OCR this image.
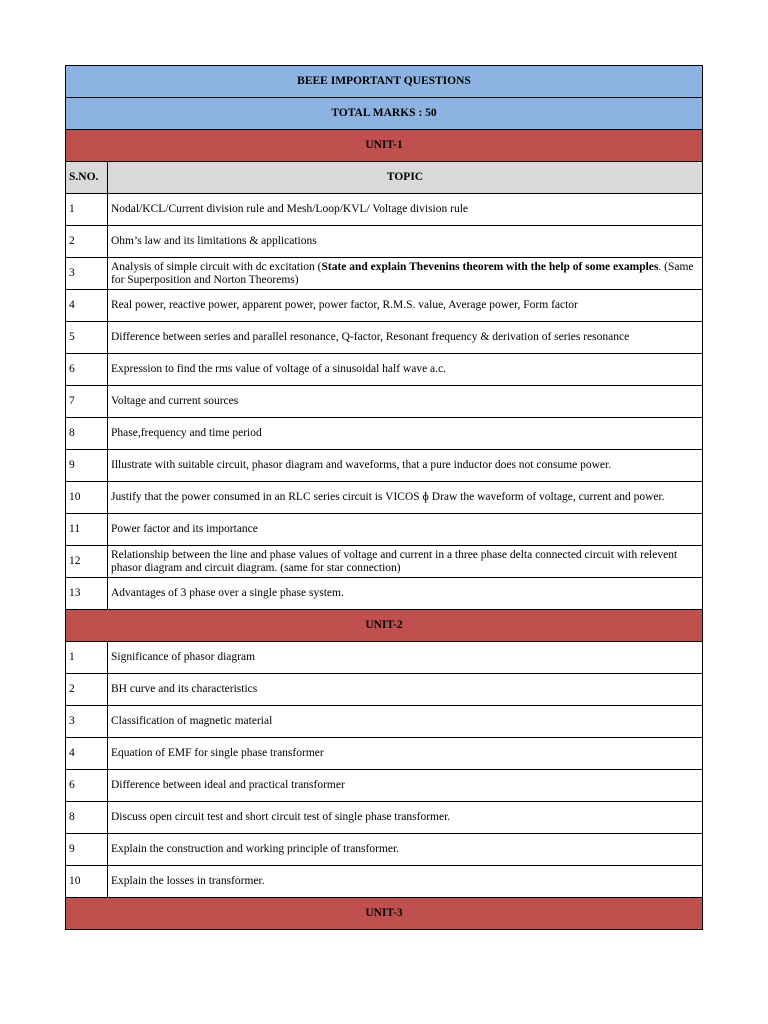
BEEE IMPORTANT QUESTIONS	
TOTAL MARKS : 50	
UNIT-1	
S.NO.	TOPIC
1	Nodal/KCL/Current division rule and Mesh/Loop/KVL/ Voltage division rule
2	Ohm’s law and its limitations & applications
3	Analysis of simple circuit with dc excitation (State and explain Thevenins theorem with the help of some examples. (Same for Superposition and Norton Theorems)
4	Real power, reactive power, apparent power, power factor, R.M.S. value, Average power, Form factor
5	Difference between series and parallel resonance, Q-factor, Resonant frequency & derivation of series resonance
6	Expression to find the rms value of voltage of a sinusoidal half wave a.c.
7	Voltage and current sources
8	Phase,frequency and time period
9	Illustrate with suitable circuit, phasor diagram and waveforms, that a pure inductor does not consume power.
10	Justify that the power consumed in an RLC series circuit is VICOS ɸ Draw the waveform of voltage, current and power.
11	Power factor and its importance
12	Relationship between the line and phase values of voltage and current in a three phase delta connected circuit with relevent phasor diagram and circuit diagram. (same for star connection)
13	Advantages of 3 phase over a single phase system.
UNIT-2	
1	Significance of phasor diagram
2	BH curve and its characteristics
3	Classification of magnetic material
4	Equation of EMF for single phase transformer
6	Difference between ideal and practical transformer
8	Discuss open circuit test and short circuit test of single phase transformer.
9	Explain the construction and working principle of transformer.
10	Explain the losses in transformer.
UNIT-3	
